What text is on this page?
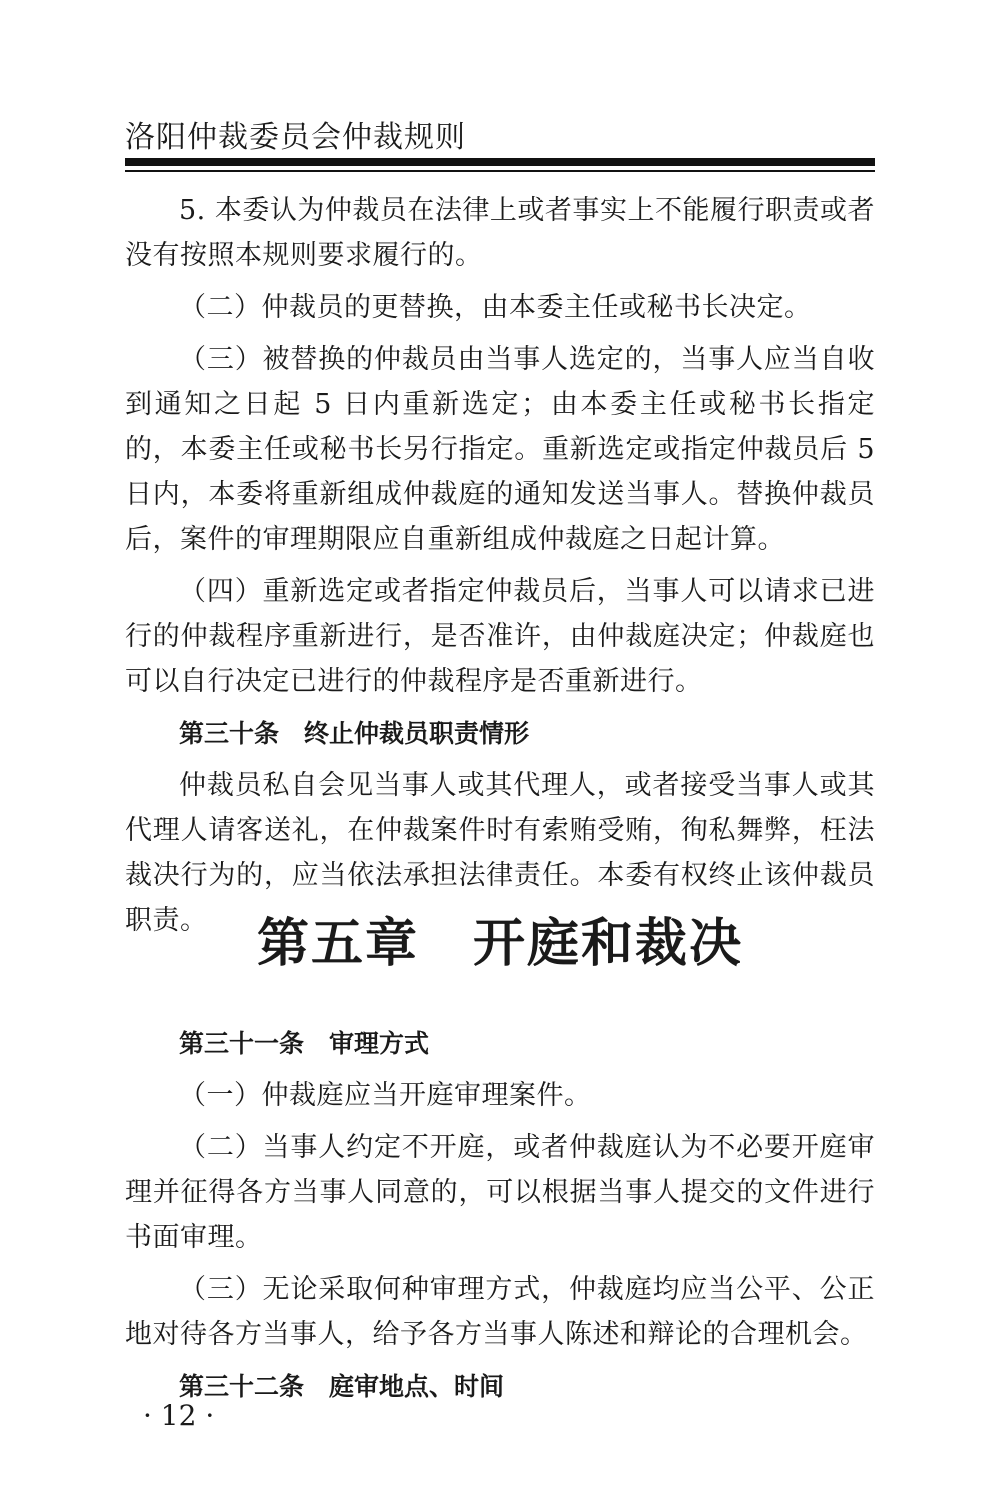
洛阳仲裁委员会仲裁规则

5. 本委认为仲裁员在法律上或者事实上不能履行职责或者没有按照本规则要求履行的。

（二）仲裁员的更替换，由本委主任或秘书长决定。

（三）被替换的仲裁员由当事人选定的，当事人应当自收到通知之日起 5 日内重新选定；由本委主任或秘书长指定的，本委主任或秘书长另行指定。重新选定或指定仲裁员后 5 日内，本委将重新组成仲裁庭的通知发送当事人。替换仲裁员后，案件的审理期限应自重新组成仲裁庭之日起计算。

（四）重新选定或者指定仲裁员后，当事人可以请求已进行的仲裁程序重新进行，是否准许，由仲裁庭决定；仲裁庭也可以自行决定已进行的仲裁程序是否重新进行。

第三十条　终止仲裁员职责情形

仲裁员私自会见当事人或其代理人，或者接受当事人或其代理人请客送礼，在仲裁案件时有索贿受贿，徇私舞弊，枉法裁决行为的，应当依法承担法律责任。本委有权终止该仲裁员职责。 第五章　开庭和裁决
第三十一条　审理方式

（一）仲裁庭应当开庭审理案件。

（二）当事人约定不开庭，或者仲裁庭认为不必要开庭审理并征得各方当事人同意的，可以根据当事人提交的文件进行书面审理。

（三）无论采取何种审理方式，仲裁庭均应当公平、公正地对待各方当事人，给予各方当事人陈述和辩论的合理机会。

第三十二条　庭审地点、时间
· 12 ·
